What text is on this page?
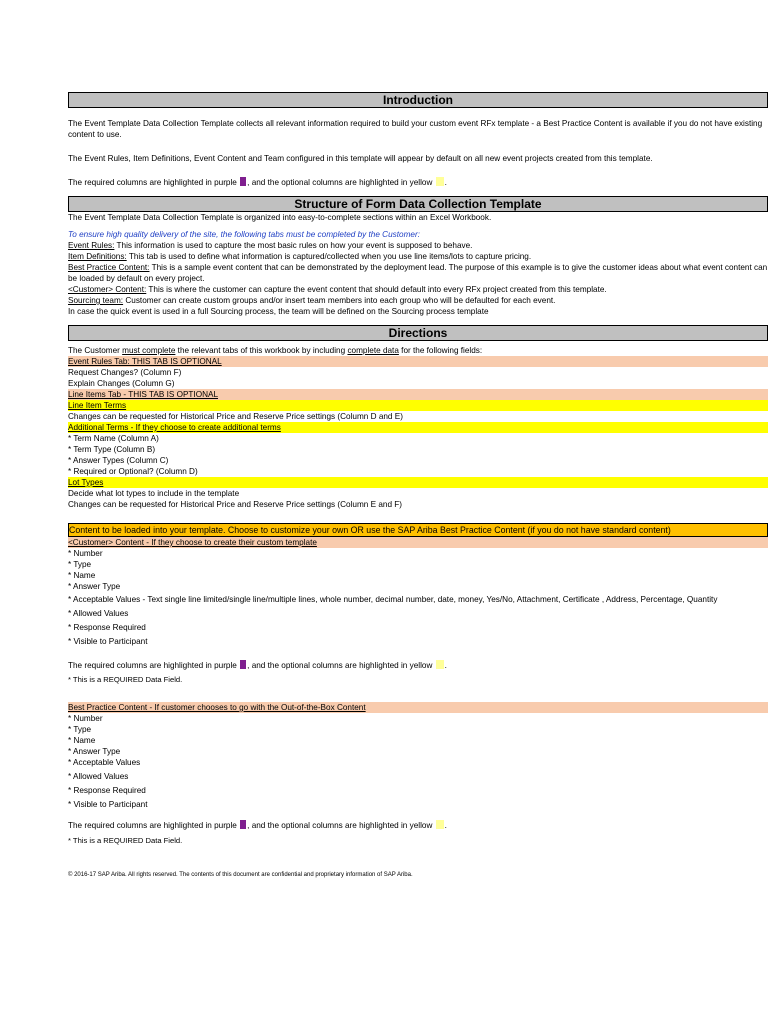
Introduction
The Event Template Data Collection Template collects all relevant information required to build your custom event RFx template - a Best Practice Content is available if you do not have existing content to use.
The Event Rules, Item Definitions, Event Content and Team configured in this template will appear by default on all new event projects created from this template.
The required columns are highlighted in purple , and the optional columns are highlighted in yellow .
Structure of Form Data Collection Template
The Event Template Data Collection Template is organized into easy-to-complete sections within an Excel Workbook.
To ensure high quality delivery of the site, the following tabs must be completed by the Customer:
Event Rules: This information is used to capture the most basic rules on how your event is supposed to behave.
Item Definitions: This tab is used to define what information is captured/collected when you use line items/lots to capture pricing.
Best Practice Content: This is a sample event content that can be demonstrated by the deployment lead. The purpose of this example is to give the customer ideas about what event content can be loaded by default on every project.
<Customer> Content: This is where the customer can capture the event content that should default into every RFx project created from this template.
Sourcing team: Customer can create custom groups and/or insert team members into each group who will be defaulted for each event.
In case the quick event is used in a full Sourcing process, the team will be defined on the Sourcing process template
Directions
The Customer must complete the relevant tabs of this workbook by including complete data for the following fields:
Event Rules Tab: THIS TAB IS OPTIONAL
Request Changes? (Column F)
Explain Changes (Column G)
Line Items Tab - THIS TAB IS OPTIONAL
Line Item Terms
Changes can be requested for Historical Price and Reserve Price settings (Column D and E)
Additional Terms - If they choose to create additional terms
* Term Name (Column A)
* Term Type (Column B)
* Answer Types (Column C)
* Required or Optional? (Column D)
Lot Types
Decide what lot types to include in the template
Changes can be requested for Historical Price and Reserve Price settings (Column E and F)
Content to be loaded into your template. Choose to customize your own OR use the SAP Ariba Best Practice Content (if you do not have standard content)
<Customer> Content - If they choose to create their custom template
* Number
* Type
* Name
* Answer Type
* Acceptable Values - Text single line limited/single line/multiple lines, whole number, decimal number, date, money, Yes/No, Attachment, Certificate , Address, Percentage, Quantity
* Allowed Values
* Response Required
* Visible to Participant
The required columns are highlighted in purple , and the optional columns are highlighted in yellow .
* This is a REQUIRED Data Field.
Best Practice Content - If customer chooses to go with the Out-of-the-Box Content
* Number
* Type
* Name
* Answer Type
* Acceptable Values
* Allowed Values
* Response Required
* Visible to Participant
The required columns are highlighted in purple , and the optional columns are highlighted in yellow .
* This is a REQUIRED Data Field.
© 2016-17 SAP Ariba. All rights reserved. The contents of this document are confidential and proprietary information of SAP Ariba.
